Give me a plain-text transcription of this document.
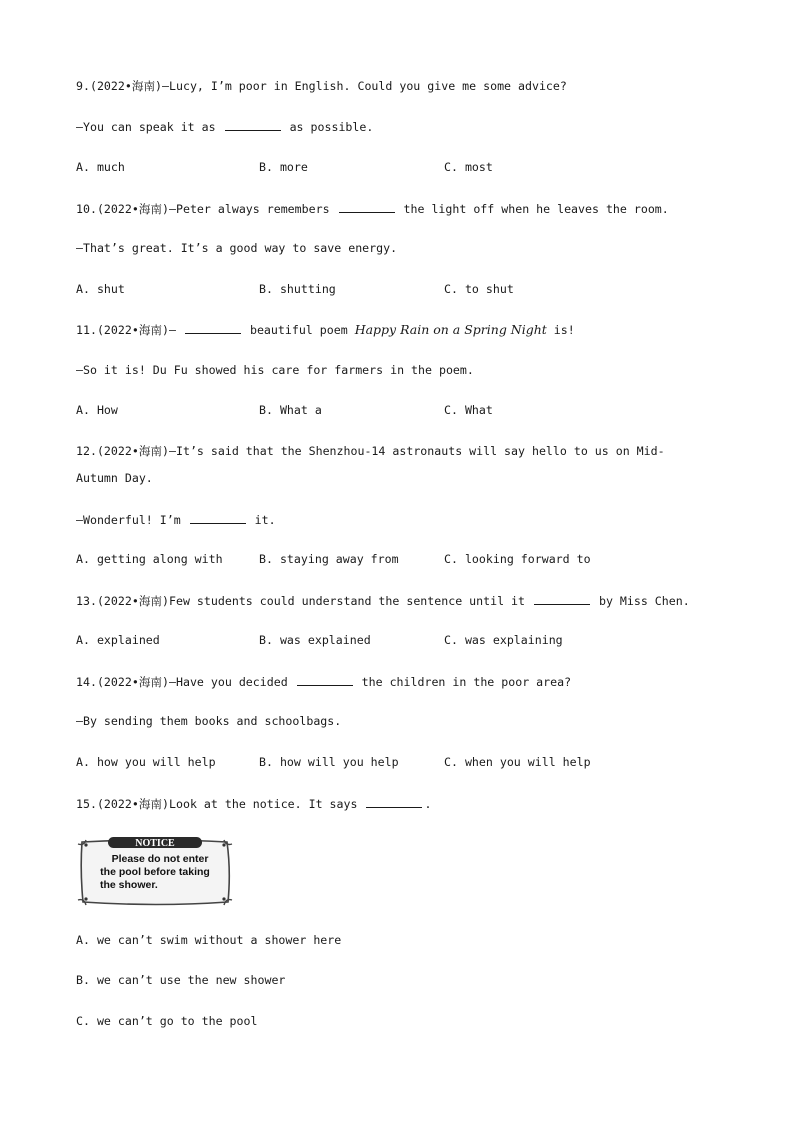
9.(2022•海南)—Lucy, I’m poor in English. Could you give me some advice?
—You can speak it as	as possible.
A. much	B. more	C. most
10.(2022•海南)—Peter always remembers	the light off when he leaves the room.
—That’s great. It’s a good way to save energy.
A. shut	B. shutting	C. to shut
11.(2022•海南)—	beautiful poem Happy Rain on a Spring Night is!
—So it is! Du Fu showed his care for farmers in the poem.
A. How	B. What a	C. What
12.(2022•海南)—It’s said that the Shenzhou-14 astronauts will say hello to us on Mid-
Autumn Day.
—Wonderful! I’m	it.
A. getting along with	B. staying away from	C. looking forward to
13.(2022•海南)Few students could understand the sentence until it	by Miss Chen.
A. explained	B. was explained	C. was explaining
14.(2022•海南)—Have you decided	the children in the poor area?
—By sending them books and schoolbags.
A. how you will help	B. how will you help	C. when you will help
15.(2022•海南)Look at the notice. It says	.
NOTICE
Please do not enter
the pool before taking
the shower.
A. we can’t swim without a shower here
B. we can’t use the new shower
C. we can’t go to the pool
